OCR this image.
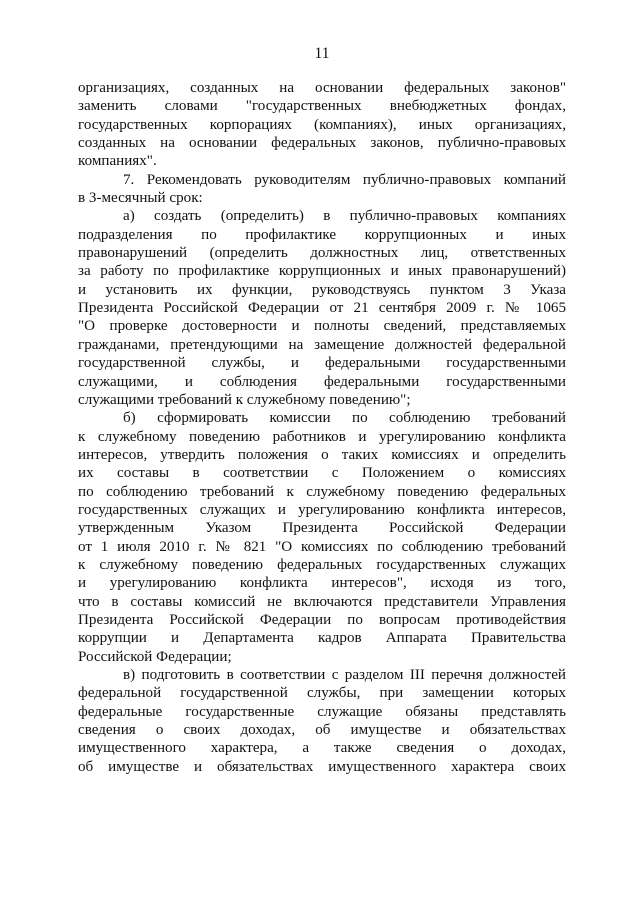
11
организациях, созданных на основании федеральных законов"
заменить словами "государственных внебюджетных фондах,
государственных корпорациях (компаниях), иных организациях,
созданных на основании федеральных законов, публично-правовых
компаниях".
7. Рекомендовать руководителям публично-правовых компаний
в 3-месячный срок:
а) создать (определить) в публично-правовых компаниях
подразделения по профилактике коррупционных и иных
правонарушений (определить должностных лиц, ответственных
за работу по профилактике коррупционных и иных правонарушений)
и установить их функции, руководствуясь пунктом 3 Указа
Президента Российской Федерации от 21 сентября 2009 г. № 1065
"О проверке достоверности и полноты сведений, представляемых
гражданами, претендующими на замещение должностей федеральной
государственной службы, и федеральными государственными
служащими, и соблюдения федеральными государственными
служащими требований к служебному поведению";
б) сформировать комиссии по соблюдению требований
к служебному поведению работников и урегулированию конфликта
интересов, утвердить положения о таких комиссиях и определить
их составы в соответствии с Положением о комиссиях
по соблюдению требований к служебному поведению федеральных
государственных служащих и урегулированию конфликта интересов,
утвержденным Указом Президента Российской Федерации
от 1 июля 2010 г. № 821 "О комиссиях по соблюдению требований
к служебному поведению федеральных государственных служащих
и урегулированию конфликта интересов", исходя из того,
что в составы комиссий не включаются представители Управления
Президента Российской Федерации по вопросам противодействия
коррупции и Департамента кадров Аппарата Правительства
Российской Федерации;
в) подготовить в соответствии с разделом III перечня должностей
федеральной государственной службы, при замещении которых
федеральные государственные служащие обязаны представлять
сведения о своих доходах, об имуществе и обязательствах
имущественного характера, а также сведения о доходах,
об имуществе и обязательствах имущественного характера своих
